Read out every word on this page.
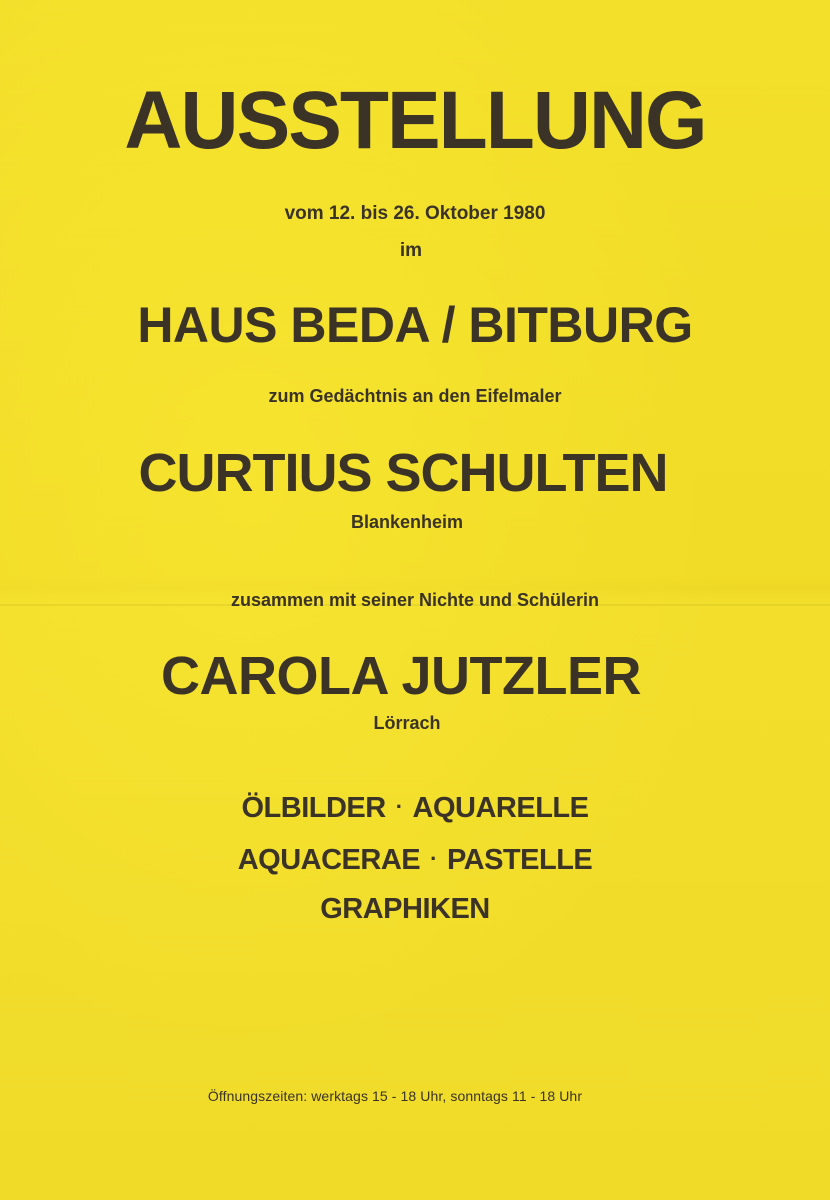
AUSSTELLUNG
vom 12. bis 26. Oktober 1980
im
HAUS BEDA / BITBURG
zum Gedächtnis an den Eifelmaler
CURTIUS SCHULTEN
Blankenheim
zusammen mit seiner Nichte und Schülerin
CAROLA JUTZLER
Lörrach
ÖLBILDER · AQUARELLE
AQUACERAE · PASTELLE
GRAPHIKEN
Öffnungszeiten: werktags 15 - 18 Uhr, sonntags 11 - 18 Uhr
